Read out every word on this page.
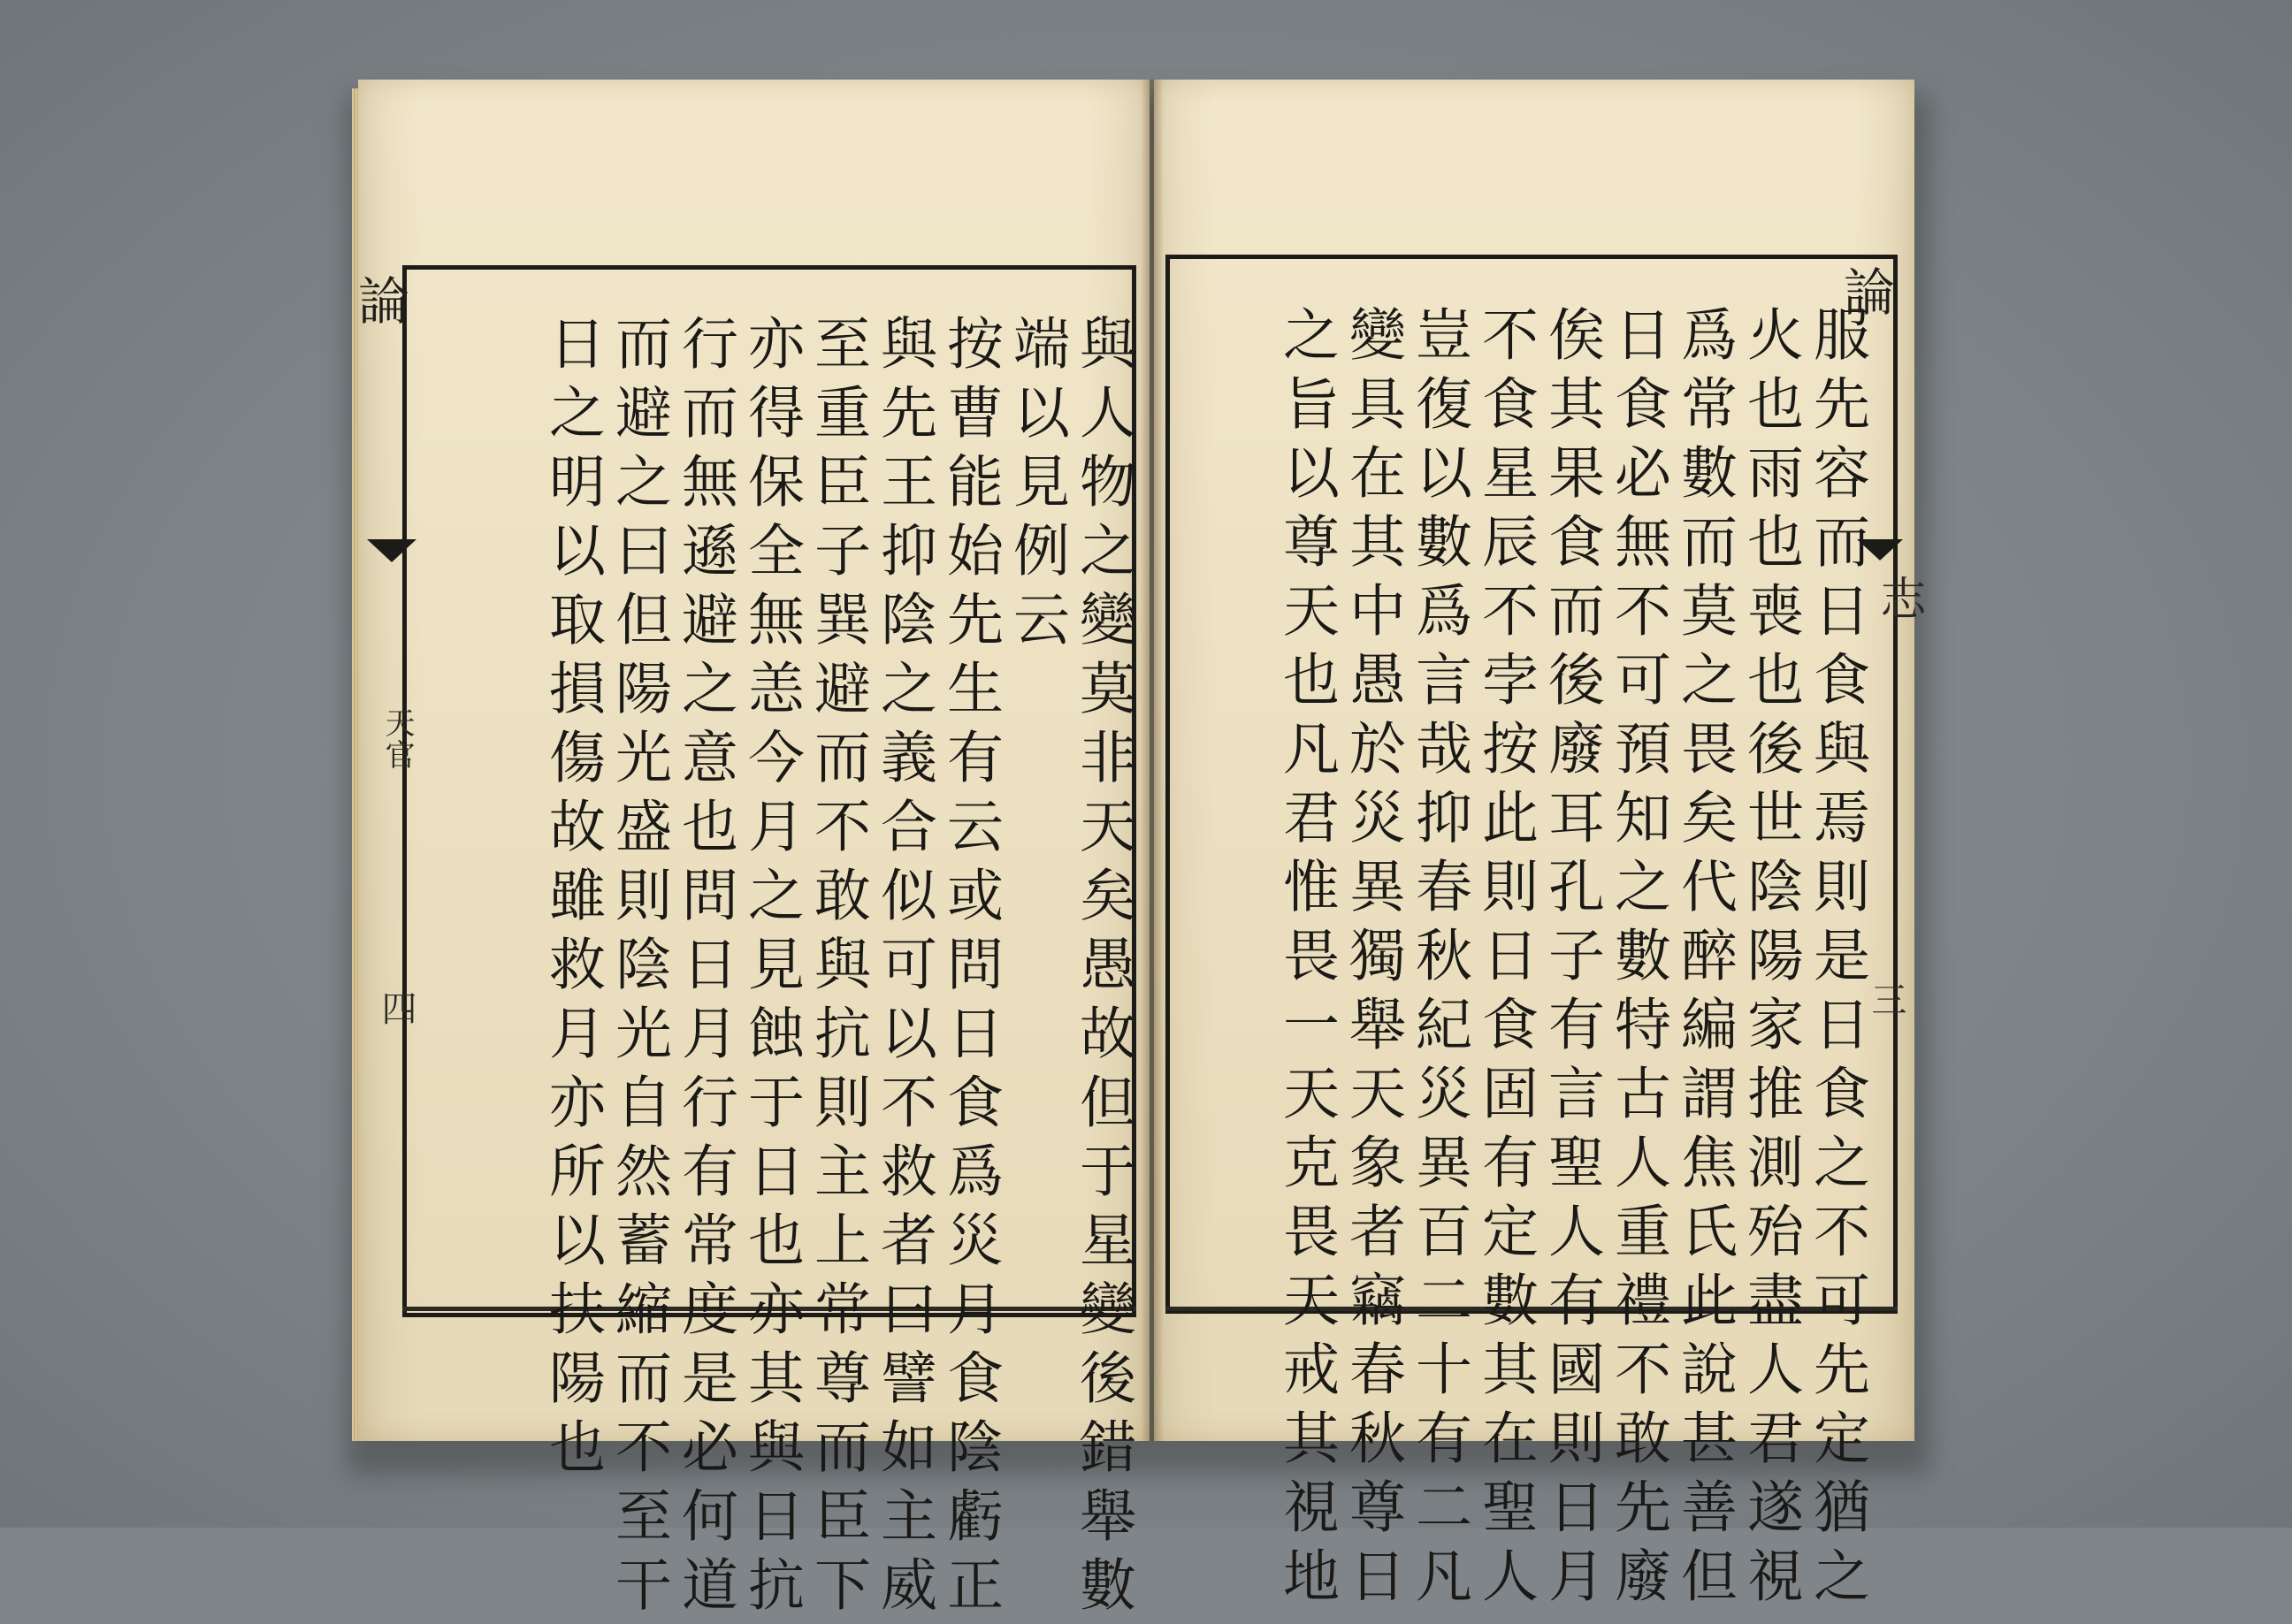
論
天官
四	與人物之變莫非天矣愚故但于星變後錯舉數
端以見例云
按曹能始先生有云或問日食爲災月食陰虧正
與先王抑陰之義合似可以不救者曰譬如主威
至重臣子巽避而不敢與抗則主上常尊而臣下
亦得保全無恙今月之見蝕于日也亦其與日抗
行而無遜避之意也問日月行有常度是必何道
而避之曰但陽光盛則陰光自然蓄縮而不至干
日之明以取損傷故雖救月亦所以扶陽也
論
志
三
服先容而日食與焉則是日食之不可先定猶之
火也雨也喪也後世陰陽家推測殆盡人君遂視
爲常數而莫之畏矣代醉編謂焦氏此說甚善但
日食必無不可預知之數特古人重禮不敢先廢
俟其果食而後廢耳孔子有言聖人有國則日月
不食星辰不孛按此則日食固有定數其在聖人
豈復以數爲言哉抑春秋紀災異百二十有二凡
變具在其中愚於災異獨舉天象者竊春秋尊日
之旨以尊天也凡君惟畏一天克畏天戒其視地
